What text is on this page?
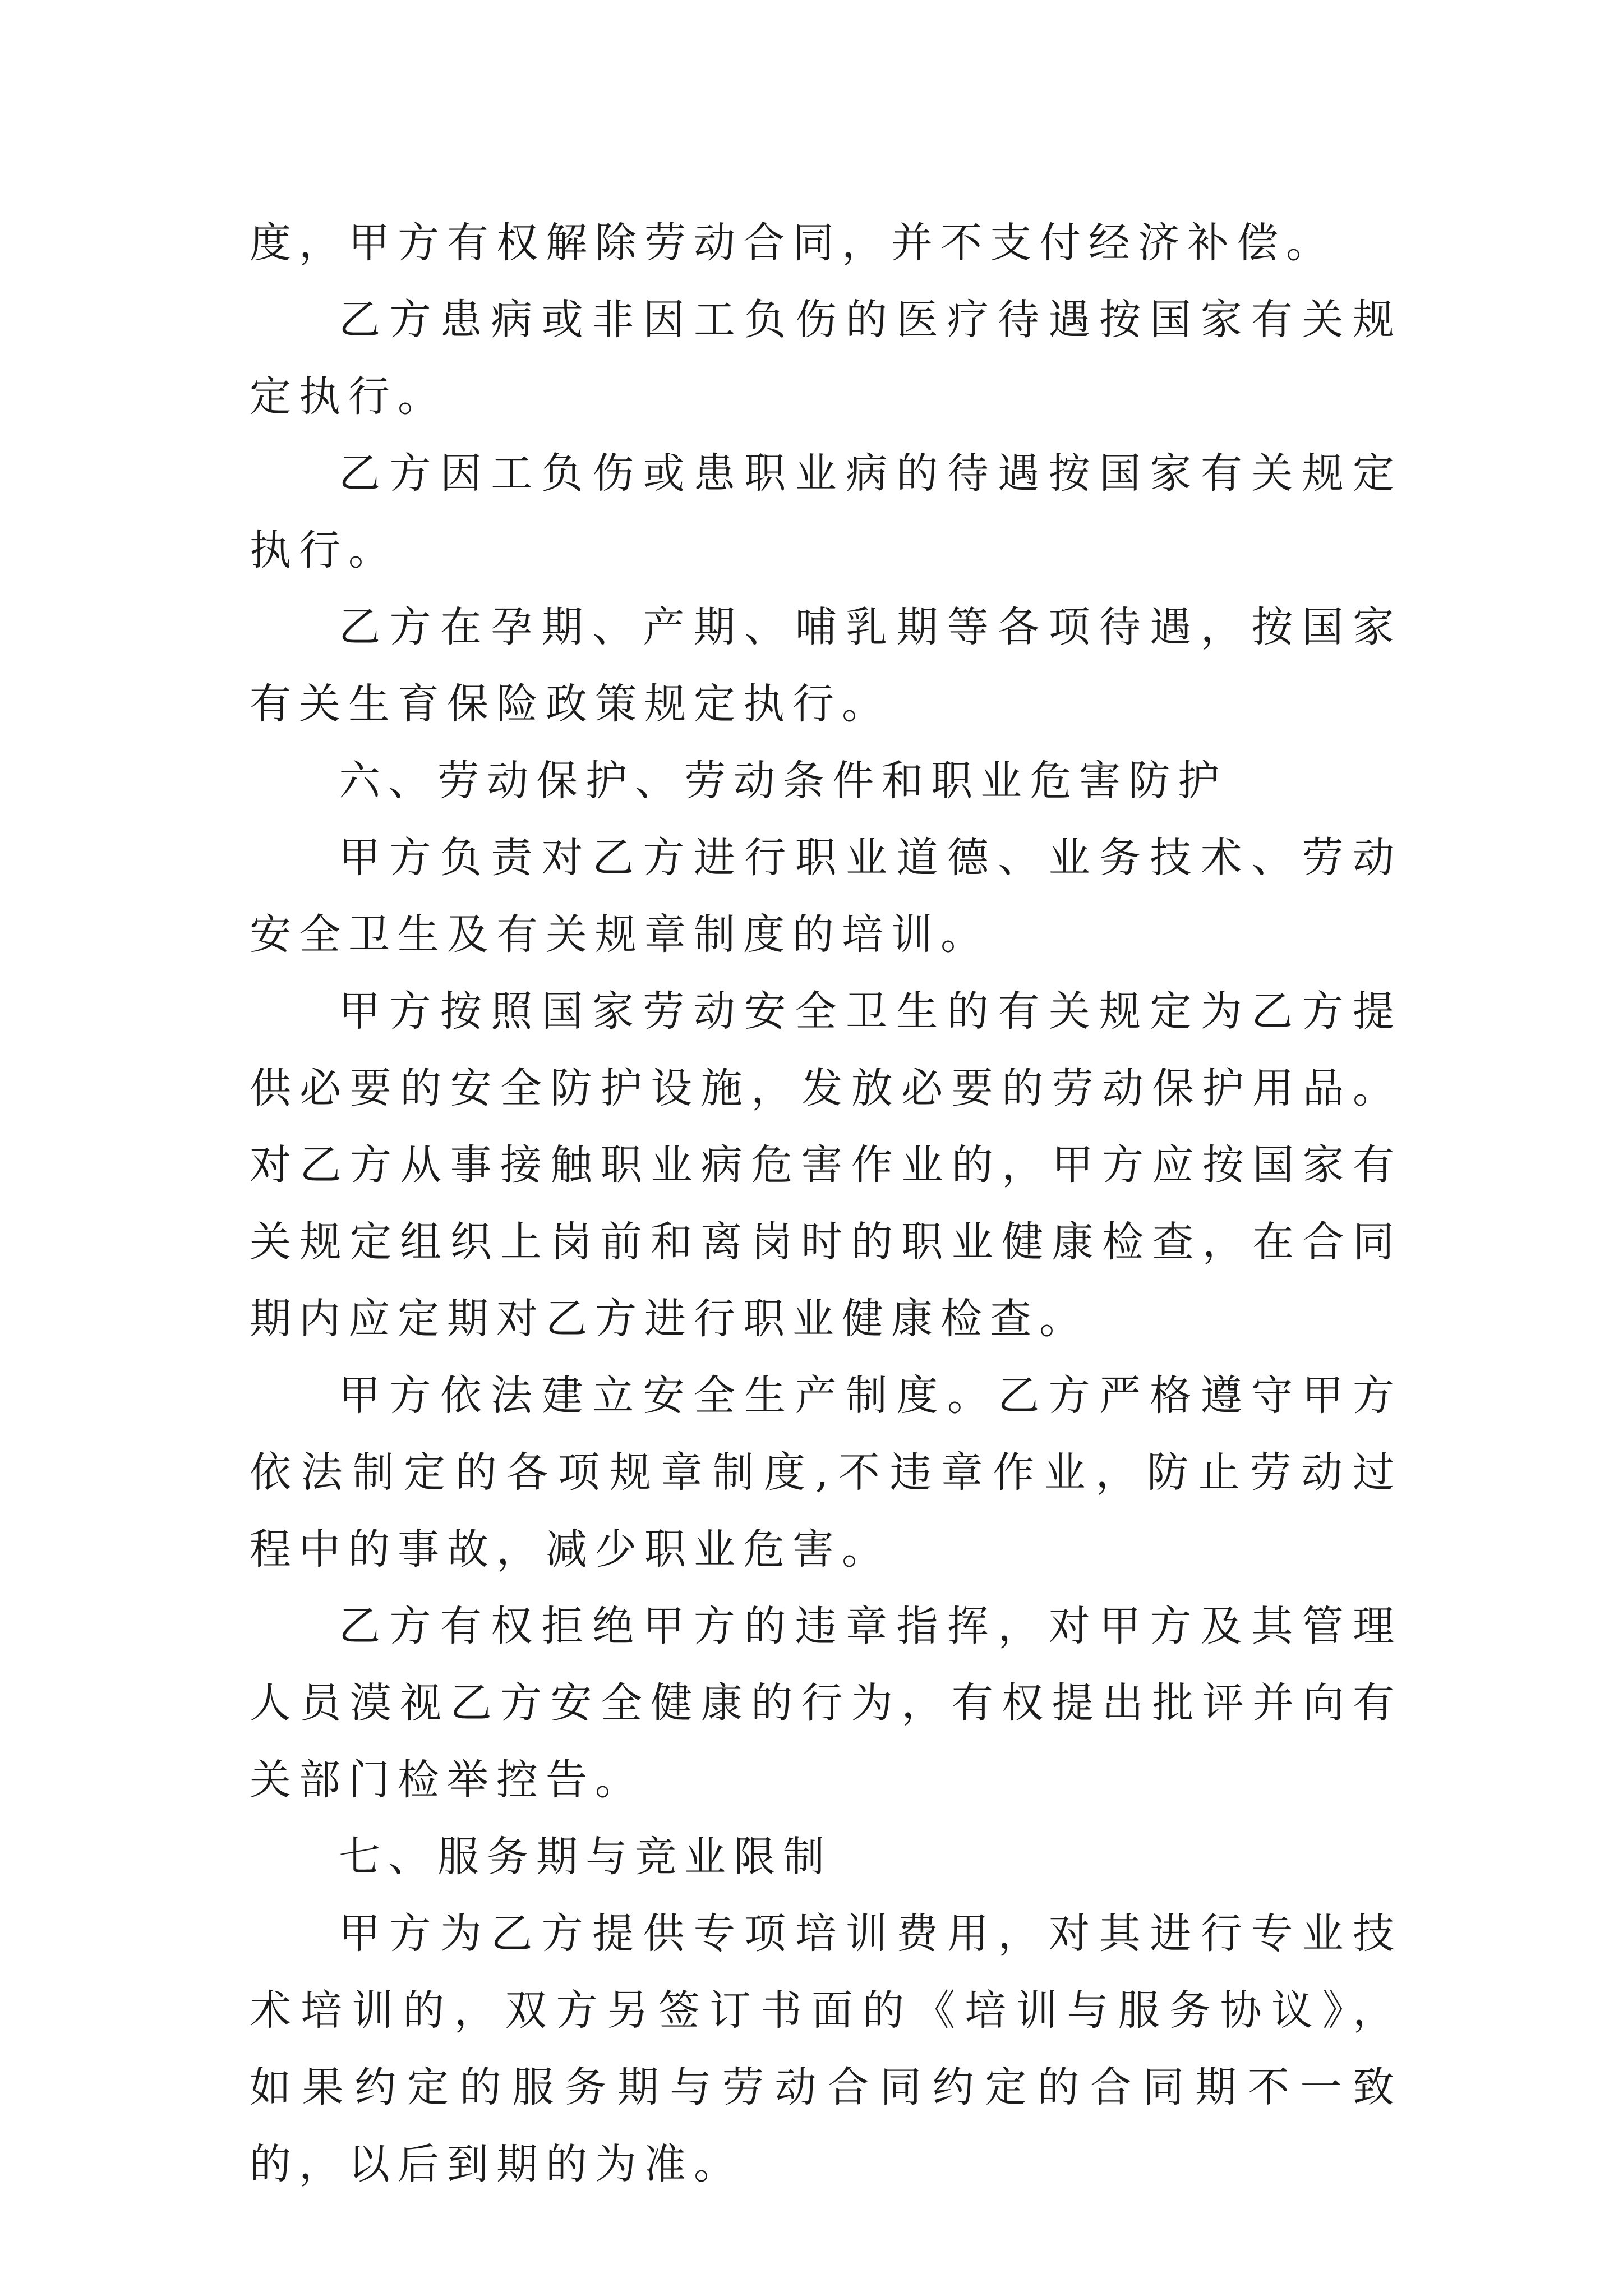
度，甲方有权解除劳动合同，并不支付经济补偿。

乙方患病或非因工负伤的医疗待遇按国家有关规定执行。

乙方因工负伤或患职业病的待遇按国家有关规定执行。

乙方在孕期、产期、哺乳期等各项待遇，按国家有关生育保险政策规定执行。

六、劳动保护、劳动条件和职业危害防护

甲方负责对乙方进行职业道德、业务技术、劳动安全卫生及有关规章制度的培训。

甲方按照国家劳动安全卫生的有关规定为乙方提供必要的安全防护设施，发放必要的劳动保护用品。对乙方从事接触职业病危害作业的，甲方应按国家有关规定组织上岗前和离岗时的职业健康检查，在合同期内应定期对乙方进行职业健康检查。

甲方依法建立安全生产制度。乙方严格遵守甲方依法制定的各项规章制度,不违章作业，防止劳动过程中的事故，减少职业危害。

乙方有权拒绝甲方的违章指挥，对甲方及其管理人员漠视乙方安全健康的行为，有权提出批评并向有关部门检举控告。

七、服务期与竞业限制

甲方为乙方提供专项培训费用，对其进行专业技术培训的，双方另签订书面的《培训与服务协议》，如果约定的服务期与劳动合同约定的合同期不一致的，以后到期的为准。
